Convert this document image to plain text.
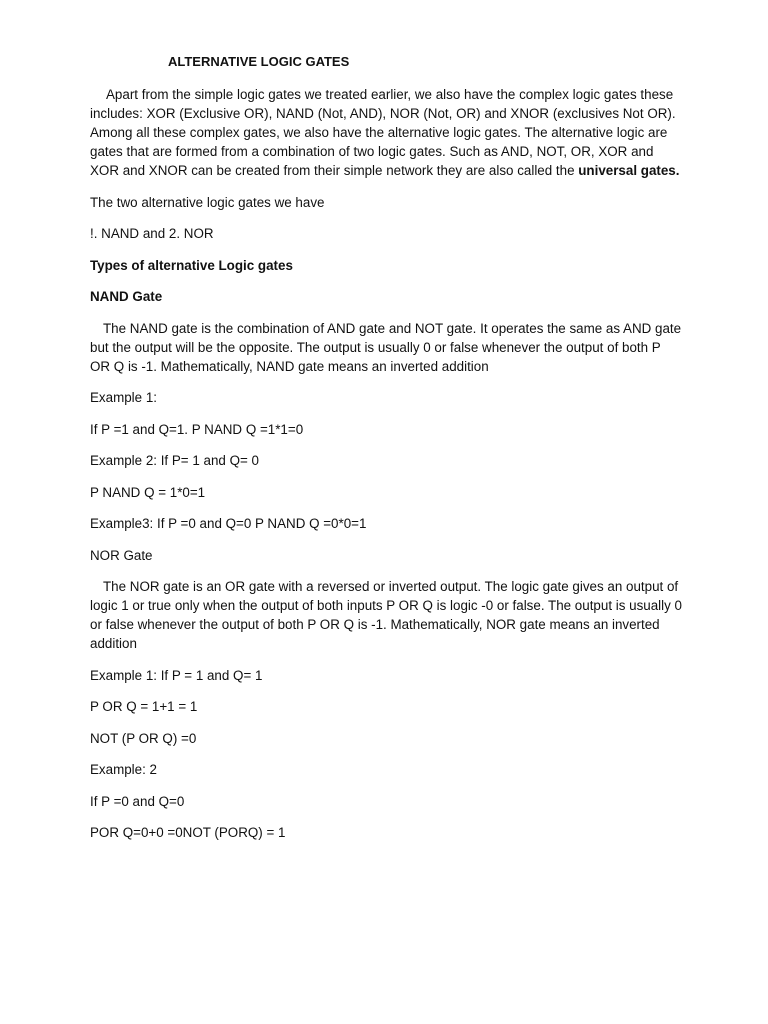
ALTERNATIVE LOGIC GATES

Apart from the simple logic gates we treated earlier, we also have the complex logic gates these includes: XOR (Exclusive OR), NAND (Not, AND), NOR (Not, OR) and XNOR (exclusives Not OR). Among all these complex gates, we also have the alternative logic gates. The alternative logic are gates that are formed from a combination of two logic gates. Such as AND, NOT, OR, XOR and XOR and XNOR can be created from their simple network they are also called the universal gates.

The two alternative logic gates we have

!. NAND and 2. NOR

Types of alternative Logic gates

NAND Gate

The NAND gate is the combination of AND gate and NOT gate. It operates the same as AND gate but the output will be the opposite. The output is usually 0 or false whenever the output of both P OR Q is -1. Mathematically, NAND gate means an inverted addition

Example 1:

If P =1 and Q=1. P NAND Q =1*1=0

Example 2: If P= 1 and Q= 0

P NAND Q = 1*0=1

Example3: If P =0 and Q=0 P NAND Q =0*0=1

NOR Gate

The NOR gate is an OR gate with a reversed or inverted output. The logic gate gives an output of logic 1 or true only when the output of both inputs P OR Q is logic -0 or false. The output is usually 0 or false whenever the output of both P OR Q is -1. Mathematically, NOR gate means an inverted addition

Example 1: If P = 1 and Q= 1

P OR Q = 1+1 = 1

NOT (P OR Q) =0

Example: 2

If P =0 and Q=0

POR Q=0+0 =0NOT (PORQ) = 1
